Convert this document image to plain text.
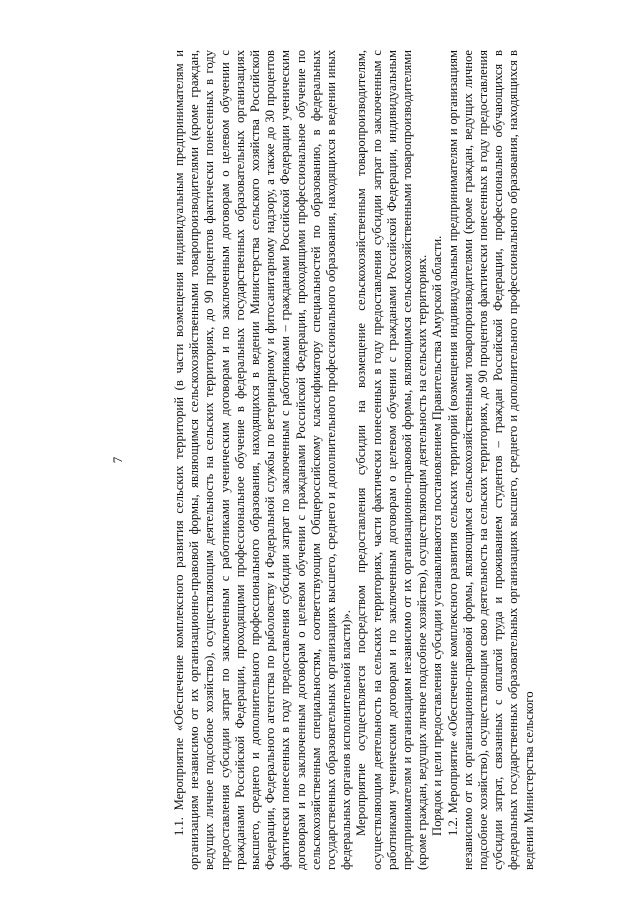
7	1.1. Мероприятие «Обеспечение комплексного развития сельских территорий (в части возмещения индивидуальным предпринимателям и организациям независимо от их организационно-правовой формы, являющимся сельскохозяйственными товаропроизводителями (кроме граждан, ведущих личное подсобное хозяйство), осуществляющим деятельность на сельских территориях, до 90 процентов фактически понесенных в году предоставления субсидии затрат по заключенным с работниками ученическим договорам и по заключенным договорам о целевом обучении с гражданами Российской Федерации, проходящими профессиональное обучение в федеральных государственных образовательных организациях высшего, среднего и дополнительного профессионального образования, находящихся в ведении Министерства сельского хозяйства Российской Федерации, Федерального агентства по рыболовству и Федеральной службы по ветеринарному и фитосанитарному надзору, а также до 30 процентов фактически понесенных в году предоставления субсидии затрат по заключенным с работниками – гражданами Российской Федерации ученическим договорам и по заключенным договорам о целевом обучении с гражданами Российской Федерации, проходящими профессиональное обучение по сельскохозяйственным специальностям, соответствующим Общероссийскому классификатору специальностей по образованию, в федеральных государственных образовательных организациях высшего, среднего и дополнительного профессионального образования, находящихся в ведении иных федеральных органов исполнительной власти)». Мероприятие осуществляется посредством предоставления субсидии на возмещение сельскохозяйственным товаропроизводителям, осуществляющим деятельность на сельских территориях, части фактически понесенных в году предоставления субсидии затрат по заключенным с работниками ученическим договорам и по заключенным договорам о целевом обучении с гражданами Российской Федерации, индивидуальным предпринимателям и организациям независимо от их организационно-правовой формы, являющимся сельскохозяйственными товаропроизводителями (кроме граждан, ведущих личное подсобное хозяйство), осуществляющим деятельность на сельских территориях. Порядок и цели предоставления субсидии устанавливаются постановлением Правительства Амурской области. 1.2. Мероприятие «Обеспечение комплексного развития сельских территорий (возмещения индивидуальным предпринимателям и организациям независимо от их организационно-правовой формы, являющимся сельскохозяйственными товаропроизводителями (кроме граждан, ведущих личное подсобное хозяйство), осуществляющим свою деятельность на сельских территориях, до 90 процентов фактически понесенных в году предоставления субсидии затрат, связанных с оплатой труда и проживанием студентов – граждан Российской Федерации, профессионально обучающихся в федеральных государственных образовательных организациях высшего, среднего и дополнительного профессионального образования, находящихся в ведении Министерства сельского
